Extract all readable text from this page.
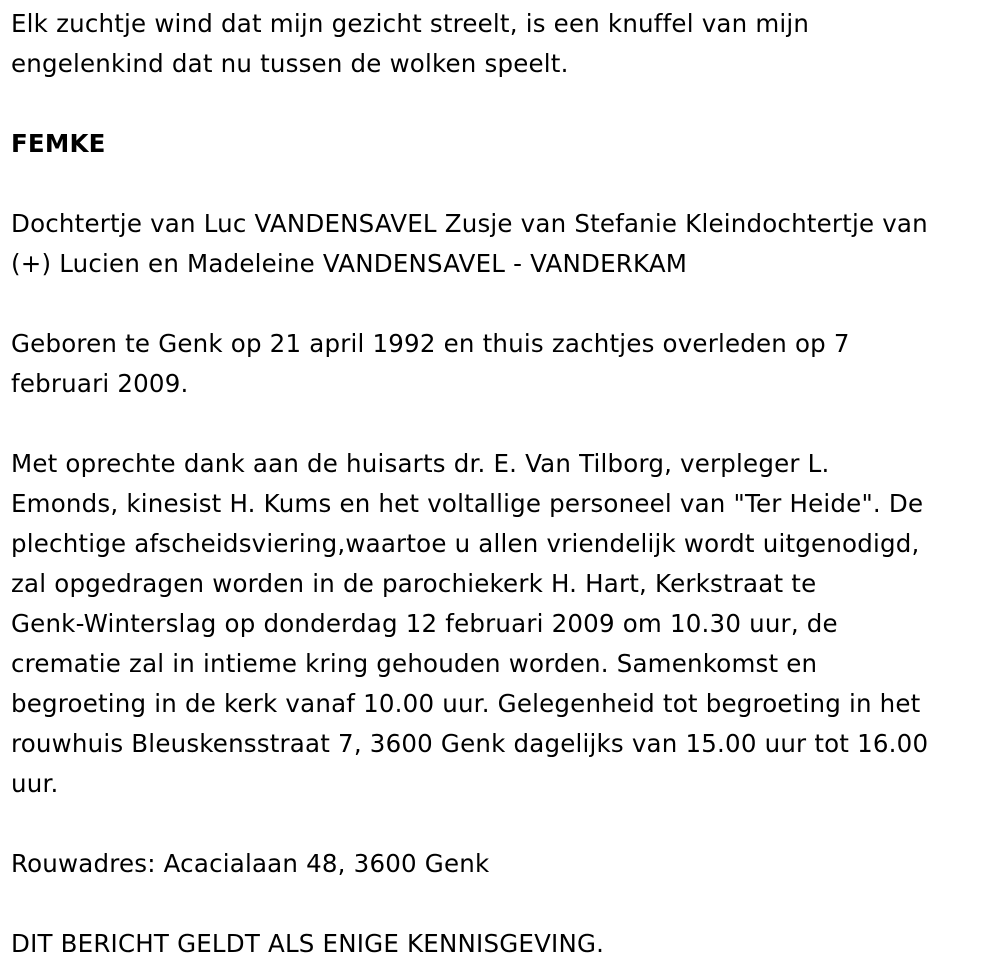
Elk zuchtje wind dat mijn gezicht streelt, is een knuffel van mijn
engelenkind dat nu tussen de wolken speelt.

FEMKE

Dochtertje van Luc VANDENSAVEL Zusje van Stefanie Kleindochtertje van
(+) Lucien en Madeleine VANDENSAVEL - VANDERKAM

Geboren te Genk op 21 april 1992 en thuis zachtjes overleden op 7
februari 2009.

Met oprechte dank aan de huisarts dr. E. Van Tilborg, verpleger L.
Emonds, kinesist H. Kums en het voltallige personeel van "Ter Heide". De
plechtige afscheidsviering,waartoe u allen vriendelijk wordt uitgenodigd,
zal opgedragen worden in de parochiekerk H. Hart, Kerkstraat te
Genk-Winterslag op donderdag 12 februari 2009 om 10.30 uur, de
crematie zal in intieme kring gehouden worden. Samenkomst en
begroeting in de kerk vanaf 10.00 uur. Gelegenheid tot begroeting in het
rouwhuis Bleuskensstraat 7, 3600 Genk dagelijks van 15.00 uur tot 16.00
uur.

Rouwadres: Acacialaan 48, 3600 Genk

DIT BERICHT GELDT ALS ENIGE KENNISGEVING.
